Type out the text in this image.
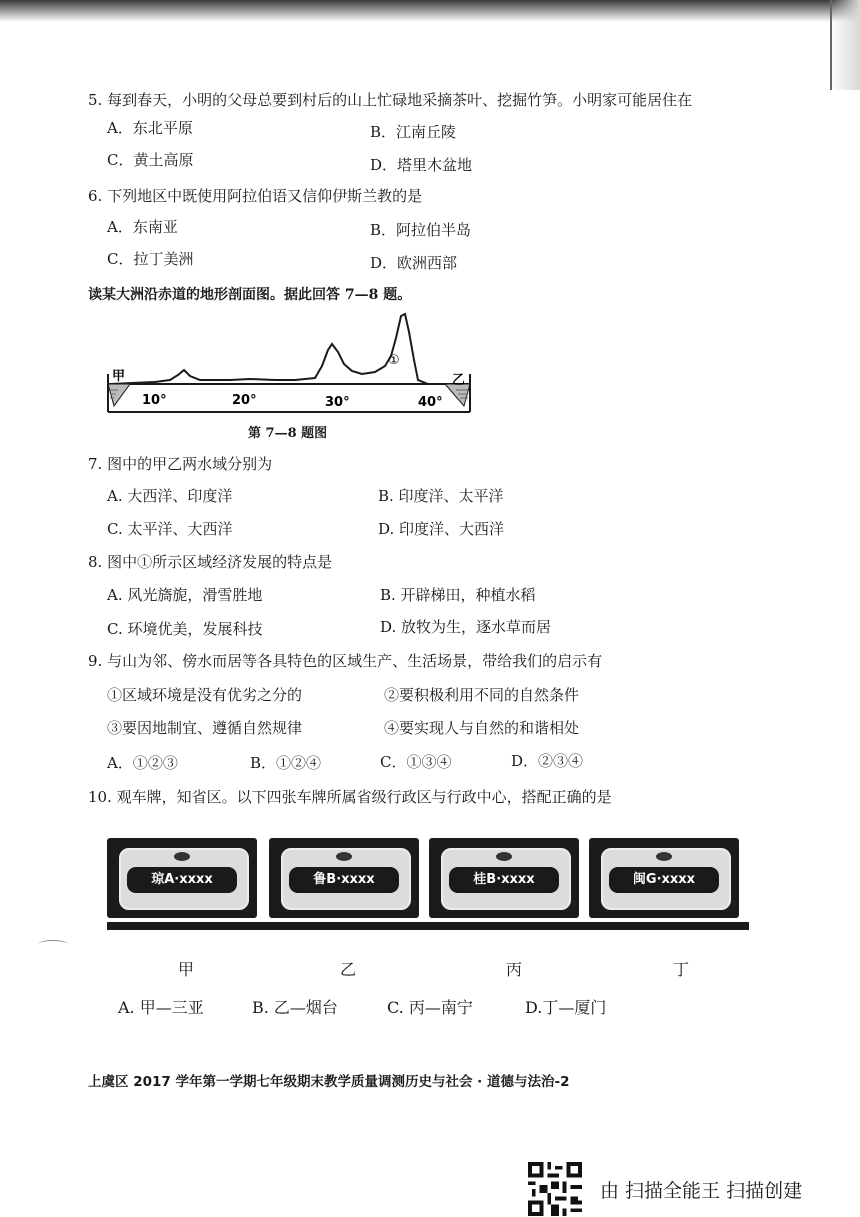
5. 每到春天，小明的父母总要到村后的山上忙碌地采摘茶叶、挖掘竹笋。小明家可能居住在
A．东北平原	B．江南丘陵
C．黄土高原	D．塔里木盆地
6. 下列地区中既使用阿拉伯语又信仰伊斯兰教的是
A．东南亚	B．阿拉伯半岛
C．拉丁美洲	D．欧洲西部
读某大洲沿赤道的地形剖面图。据此回答 7—8 题。
甲	乙
①
10°	20°	30°	40°
第 7—8 题图
7. 图中的甲乙两水域分别为
A. 大西洋、印度洋	B. 印度洋、太平洋
C. 太平洋、大西洋	D. 印度洋、大西洋
8. 图中①所示区域经济发展的特点是
A. 风光旖旎，滑雪胜地	B. 开辟梯田，种植水稻
C. 环境优美，发展科技	D. 放牧为生，逐水草而居
9. 与山为邻、傍水而居等各具特色的区域生产、生活场景，带给我们的启示有
①区域环境是没有优劣之分的	②要积极利用不同的自然条件
③要因地制宜、遵循自然规律	④要实现人与自然的和谐相处
A．①②③	B．①②④	C．①③④	D．②③④
10. 观车牌，知省区。以下四张车牌所属省级行政区与行政中心，搭配正确的是
琼A·xxxx	鲁B·xxxx	桂B·xxxx	闽G·xxxx
甲	乙	丙	丁
A. 甲—三亚	B. 乙—烟台	C. 丙—南宁	D.丁—厦门
上虞区 2017 学年第一学期七年级期末教学质量调测历史与社会 · 道德与法治-2
由 扫描全能王 扫描创建
